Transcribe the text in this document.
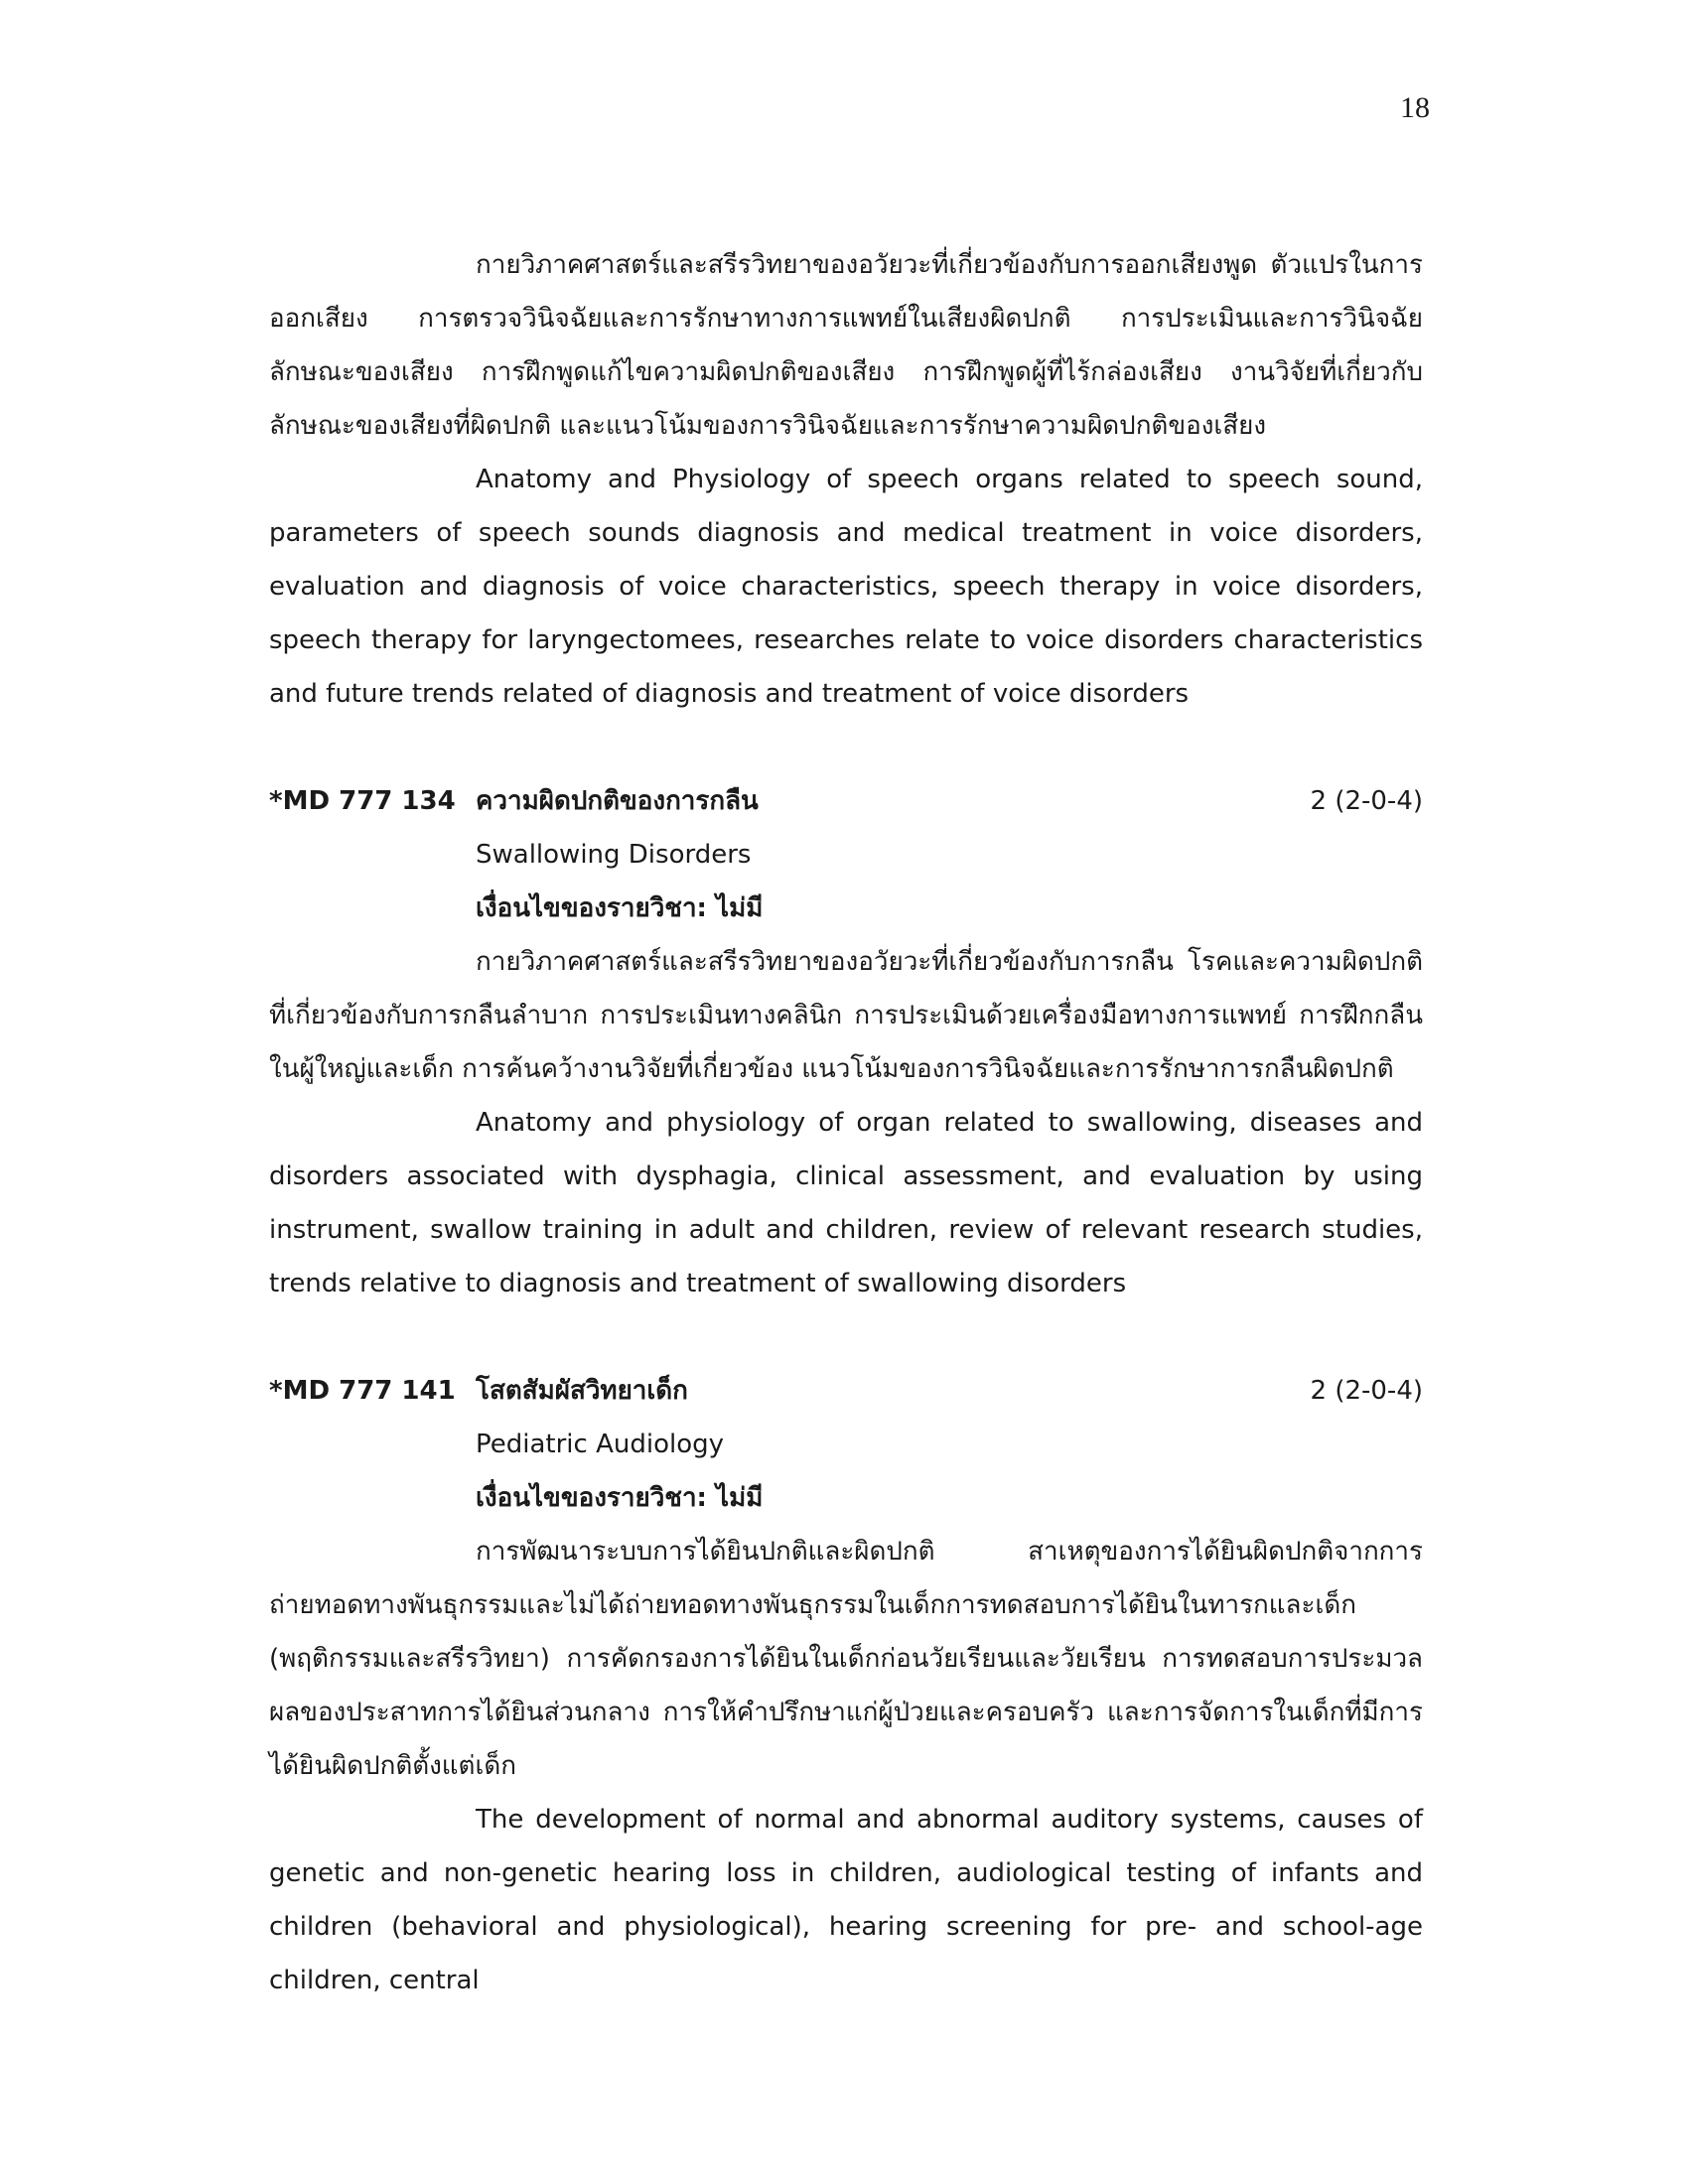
18

กายวิภาคศาสตร์และสรีรวิทยาของอวัยวะที่เกี่ยวข้องกับการออกเสียงพูด ตัวแปรในการออกเสียง การตรวจวินิจฉัยและการรักษาทางการแพทย์ในเสียงผิดปกติ การประเมินและการวินิจฉัยลักษณะของเสียง การฝึกพูดแก้ไขความผิดปกติของเสียง การฝึกพูดผู้ที่ไร้กล่องเสียง งานวิจัยที่เกี่ยวกับลักษณะของเสียงที่ผิดปกติ และแนวโน้มของการวินิจฉัยและการรักษาความผิดปกติของเสียง

Anatomy and Physiology of speech organs related to speech sound, parameters of speech sounds diagnosis and medical treatment in voice disorders, evaluation and diagnosis of voice characteristics, speech therapy in voice disorders, speech therapy for laryngectomees, researches relate to voice disorders characteristics and future trends related of diagnosis and treatment of voice disorders

*MD 777 134 ความผิดปกติของการกลืน	2 (2-0-4)
Swallowing Disorders
เงื่อนไขของรายวิชา: ไม่มี

กายวิภาคศาสตร์และสรีรวิทยาของอวัยวะที่เกี่ยวข้องกับการกลืน โรคและความผิดปกติที่เกี่ยวข้องกับการกลืนลำบาก การประเมินทางคลินิก การประเมินด้วยเครื่องมือทางการแพทย์ การฝึกกลืนในผู้ใหญ่และเด็ก การค้นคว้างานวิจัยที่เกี่ยวข้อง แนวโน้มของการวินิจฉัยและการรักษาการกลืนผิดปกติ

Anatomy and physiology of organ related to swallowing, diseases and disorders associated with dysphagia, clinical assessment, and evaluation by using instrument, swallow training in adult and children, review of relevant research studies, trends relative to diagnosis and treatment of swallowing disorders

*MD 777 141 โสตสัมผัสวิทยาเด็ก	2 (2-0-4)
Pediatric Audiology
เงื่อนไขของรายวิชา: ไม่มี

การพัฒนาระบบการได้ยินปกติและผิดปกติ สาเหตุของการได้ยินผิดปกติจากการถ่ายทอดทางพันธุกรรมและไม่ได้ถ่ายทอดทางพันธุกรรมในเด็กการทดสอบการได้ยินในทารกและเด็ก (พฤติกรรมและสรีรวิทยา) การคัดกรองการได้ยินในเด็กก่อนวัยเรียนและวัยเรียน การทดสอบการประมวลผลของประสาทการได้ยินส่วนกลาง การให้คำปรึกษาแก่ผู้ป่วยและครอบครัว และการจัดการในเด็กที่มีการได้ยินผิดปกติตั้งแต่เด็ก

The development of normal and abnormal auditory systems, causes of genetic and non-genetic hearing loss in children, audiological testing of infants and children (behavioral and physiological), hearing screening for pre- and school-age children, central
